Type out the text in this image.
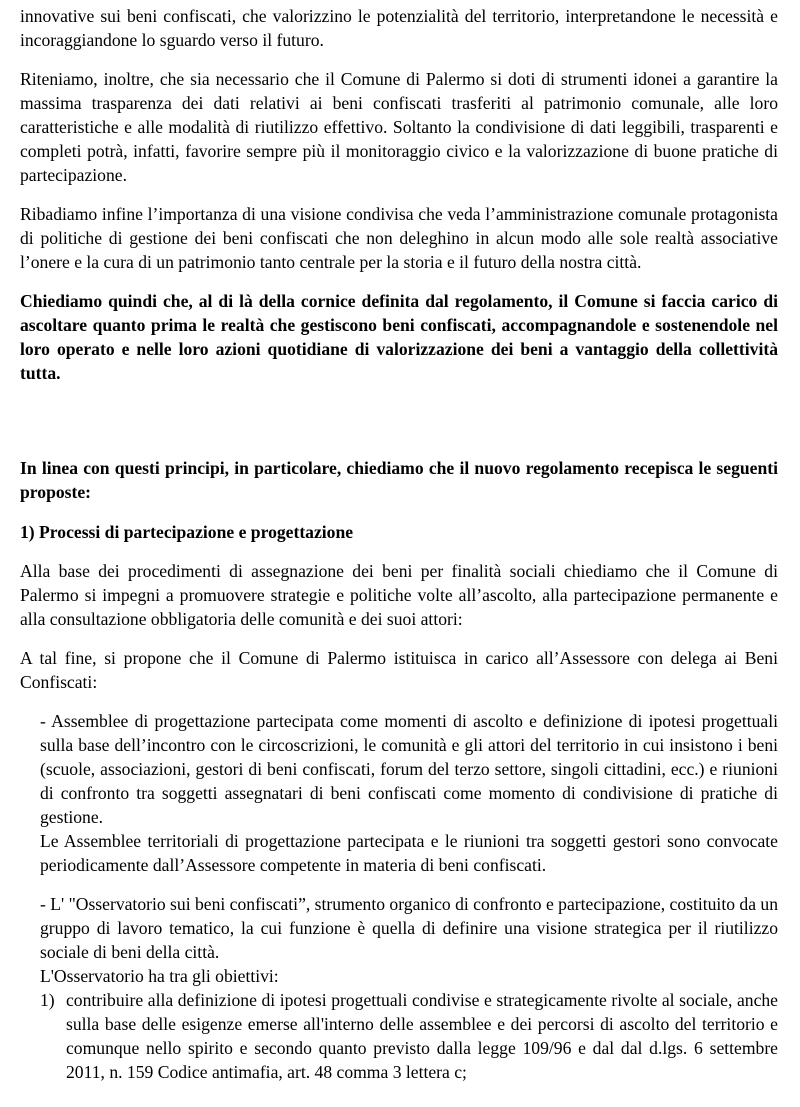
innovative sui beni confiscati, che valorizzino le potenzialità del territorio, interpretandone le necessità e incoraggiandone lo sguardo verso il futuro.

Riteniamo, inoltre, che sia necessario che il Comune di Palermo si doti di strumenti idonei a garantire la massima trasparenza dei dati relativi ai beni confiscati trasferiti al patrimonio comunale, alle loro caratteristiche e alle modalità di riutilizzo effettivo. Soltanto la condivisione di dati leggibili, trasparenti e completi potrà, infatti, favorire sempre più il monitoraggio civico e la valorizzazione di buone pratiche di partecipazione.

Ribadiamo infine l’importanza di una visione condivisa che veda l’amministrazione comunale protagonista di politiche di gestione dei beni confiscati che non deleghino in alcun modo alle sole realtà associative l’onere e la cura di un patrimonio tanto centrale per la storia e il futuro della nostra città.

Chiediamo quindi che, al di là della cornice definita dal regolamento, il Comune si faccia carico di ascoltare quanto prima le realtà che gestiscono beni confiscati, accompagnandole e sostenendole nel loro operato e nelle loro azioni quotidiane di valorizzazione dei beni a vantaggio della collettività tutta.

In linea con questi principi, in particolare, chiediamo che il nuovo regolamento recepisca le seguenti proposte:

1) Processi di partecipazione e progettazione

Alla base dei procedimenti di assegnazione dei beni per finalità sociali chiediamo che il Comune di Palermo si impegni a promuovere strategie e politiche volte all’ascolto, alla partecipazione permanente e alla consultazione obbligatoria delle comunità e dei suoi attori:

A tal fine, si propone che il Comune di Palermo istituisca in carico all’Assessore con delega ai Beni Confiscati:

- Assemblee di progettazione partecipata come momenti di ascolto e definizione di ipotesi progettuali sulla base dell’incontro con le circoscrizioni, le comunità e gli attori del territorio in cui insistono i beni (scuole, associazioni, gestori di beni confiscati, forum del terzo settore, singoli cittadini, ecc.) e riunioni di confronto tra soggetti assegnatari di beni confiscati come momento di condivisione di pratiche di gestione.

Le Assemblee territoriali di progettazione partecipata e le riunioni tra soggetti gestori sono convocate periodicamente dall’Assessore competente in materia di beni confiscati.

- L' "Osservatorio sui beni confiscati”, strumento organico di confronto e partecipazione, costituito da un gruppo di lavoro tematico, la cui funzione è quella di definire una visione strategica per il riutilizzo sociale di beni della città.

L'Osservatorio ha tra gli obiettivi:

1) contribuire alla definizione di ipotesi progettuali condivise e strategicamente rivolte al sociale, anche sulla base delle esigenze emerse all'interno delle assemblee e dei percorsi di ascolto del territorio e comunque nello spirito e secondo quanto previsto dalla legge 109/96 e dal dal d.lgs. 6 settembre 2011, n. 159 Codice antimafia, art. 48 comma 3 lettera c;
